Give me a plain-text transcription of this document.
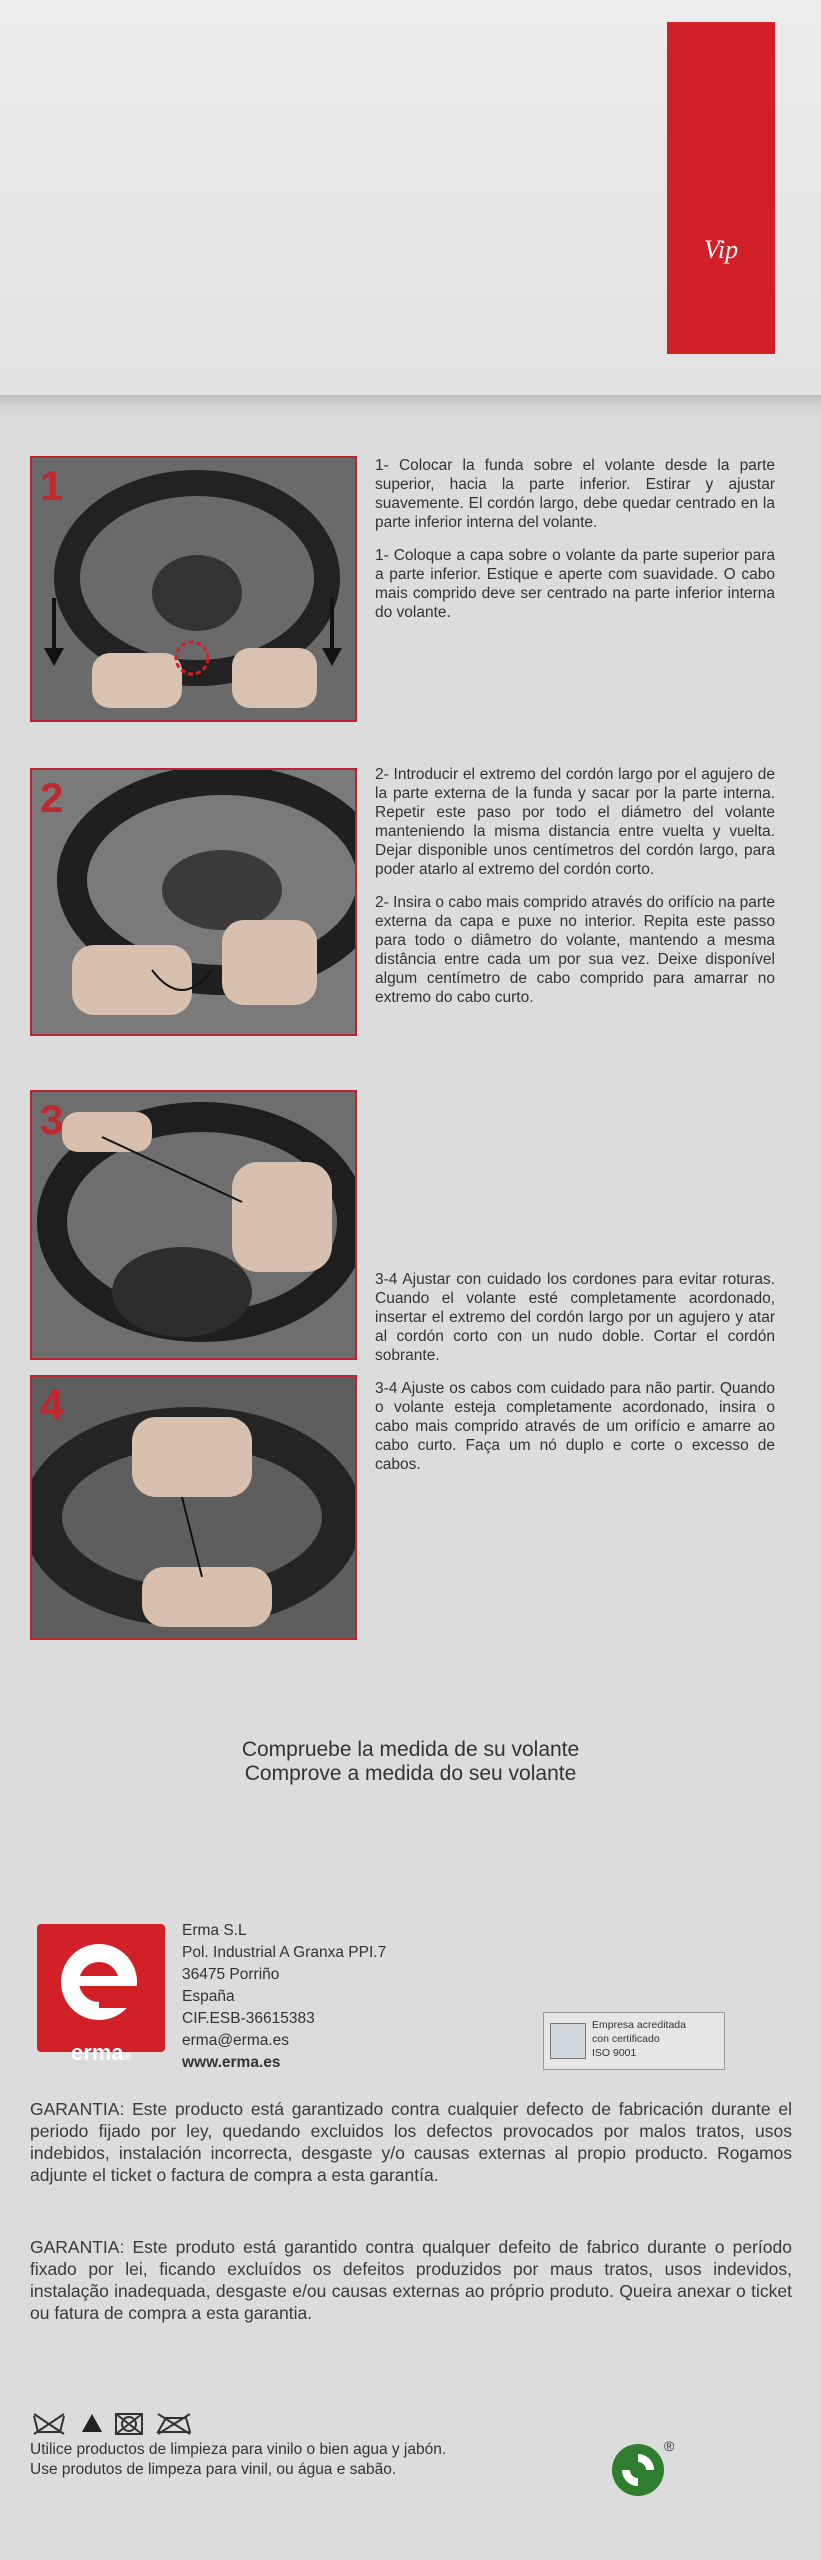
Vip
1
2
3
4

1- Colocar la funda sobre el volante desde la parte superior, hacia la parte inferior. Estirar y ajustar suavemente. El cordón largo, debe quedar centrado en la parte inferior interna del volante.

1- Coloque a capa sobre o volante da parte superior para a parte inferior. Estique e aperte com suavidade. O cabo mais comprido deve ser centrado na parte inferior interna do volante.

2- Introducir el extremo del cordón largo por el agujero de la parte externa de la funda y sacar por la parte interna. Repetir este paso por todo el diámetro del volante manteniendo la misma distancia entre vuelta y vuelta. Dejar disponible unos centímetros del cordón largo, para poder atarlo al extremo del cordón corto.

2- Insira o cabo mais comprido através do orifício na parte externa da capa e puxe no interior. Repita este passo para todo o diâmetro do volante, mantendo a mesma distância entre cada um por sua vez. Deixe disponível algum centímetro de cabo comprido para amarrar no extremo do cabo curto.

3-4 Ajustar con cuidado los cordones para evitar roturas. Cuando el volante esté completamente acordonado, insertar el extremo del cordón largo por un agujero y atar al cordón corto con un nudo doble. Cortar el cordón sobrante.

3-4 Ajuste os cabos com cuidado para não partir. Quando o volante esteja completamente acordonado, insira o cabo mais comprido através de um orifício e amarre ao cabo curto. Faça um nó duplo e corte o excesso de cabos.

Compruebe la medida de su volante
Comprove a medida do seu volante
erma®
Erma S.L
Pol. Industrial A Granxa PPI.7
36475 Porriño
España
CIF.ESB-36615383
erma@erma.es
www.erma.es
Empresa acreditada
con certificado
ISO 9001
GARANTIA: Este producto está garantizado contra cualquier defecto de fabricación durante el periodo fijado por ley, quedando excluidos los defectos provocados por malos tratos, usos indebidos, instalación incorrecta, desgaste y/o causas externas al propio producto. Rogamos adjunte el ticket o factura de compra a esta garantía.
GARANTIA: Este produto está garantido contra qualquer defeito de fabrico durante o período fixado por lei, ficando excluídos os defeitos produzidos por maus tratos, usos indevidos, instalação inadequada, desgaste e/ou causas externas ao próprio produto. Queira anexar o ticket ou fatura de compra a esta garantia.
Utilice productos de limpieza para vinilo o bien agua y jabón.
Use produtos de limpeza para vinil, ou água e sabão.
®
